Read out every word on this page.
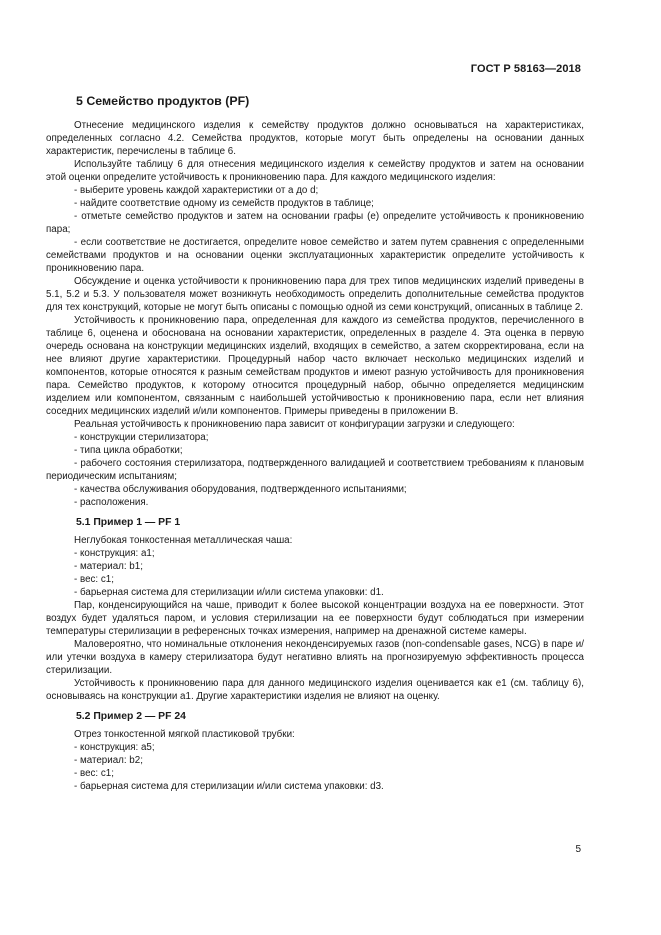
ГОСТ Р 58163—2018
5 Семейство продуктов (PF)

Отнесение медицинского изделия к семейству продуктов должно основываться на характеристиках, определенных согласно 4.2. Семейства продуктов, которые могут быть определены на основании данных характеристик, перечислены в таблице 6.

Используйте таблицу 6 для отнесения медицинского изделия к семейству продуктов и затем на основании этой оценки определите устойчивость к проникновению пара. Для каждого медицинского изделия:

- выберите уровень каждой характеристики от a до d;

- найдите соответствие одному из семейств продуктов в таблице;

- отметьте семейство продуктов и затем на основании графы (e) определите устойчивость к проникновению пара;

- если соответствие не достигается, определите новое семейство и затем путем сравнения с определенными семействами продуктов и на основании оценки эксплуатационных характеристик определите устойчивость к проникновению пара.

Обсуждение и оценка устойчивости к проникновению пара для трех типов медицинских изделий приведены в 5.1, 5.2 и 5.3. У пользователя может возникнуть необходимость определить дополнительные семейства продуктов для тех конструкций, которые не могут быть описаны с помощью одной из семи конструкций, описанных в таблице 2.

Устойчивость к проникновению пара, определенная для каждого из семейства продуктов, перечисленного в таблице 6, оценена и обоснована на основании характеристик, определенных в разделе 4. Эта оценка в первую очередь основана на конструкции медицинских изделий, входящих в семейство, а затем скорректирована, если на нее влияют другие характеристики. Процедурный набор часто включает несколько медицинских изделий и компонентов, которые относятся к разным семействам продуктов и имеют разную устойчивость для проникновения пара. Семейство продуктов, к которому относится процедурный набор, обычно определяется медицинским изделием или компонентом, связанным с наибольшей устойчивостью к проникновению пара, если нет влияния соседних медицинских изделий и/или компонентов. Примеры приведены в приложении В.

Реальная устойчивость к проникновению пара зависит от конфигурации загрузки и следующего:

- конструкции стерилизатора;

- типа цикла обработки;

- рабочего состояния стерилизатора, подтвержденного валидацией и соответствием требованиям к плановым периодическим испытаниям;

- качества обслуживания оборудования, подтвержденного испытаниями;

- расположения.

5.1 Пример 1 — PF 1

Неглубокая тонкостенная металлическая чаша:

- конструкция: a1;

- материал: b1;

- вес: c1;

- барьерная система для стерилизации и/или система упаковки: d1.

Пар, конденсирующийся на чаше, приводит к более высокой концентрации воздуха на ее поверхности. Этот воздух будет удаляться паром, и условия стерилизации на ее поверхности будут соблюдаться при измерении температуры стерилизации в референсных точках измерения, например на дренажной системе камеры.

Маловероятно, что номинальные отклонения неконденсируемых газов (non-condensable gases, NCG) в паре и/или утечки воздуха в камеру стерилизатора будут негативно влиять на прогнозируемую эффективность процесса стерилизации.

Устойчивость к проникновению пара для данного медицинского изделия оценивается как e1 (см. таблицу 6), основываясь на конструкции a1. Другие характеристики изделия не влияют на оценку.

5.2 Пример 2 — PF 24

Отрез тонкостенной мягкой пластиковой трубки:

- конструкция: a5;

- материал: b2;

- вес: c1;

- барьерная система для стерилизации и/или система упаковки: d3.

5
